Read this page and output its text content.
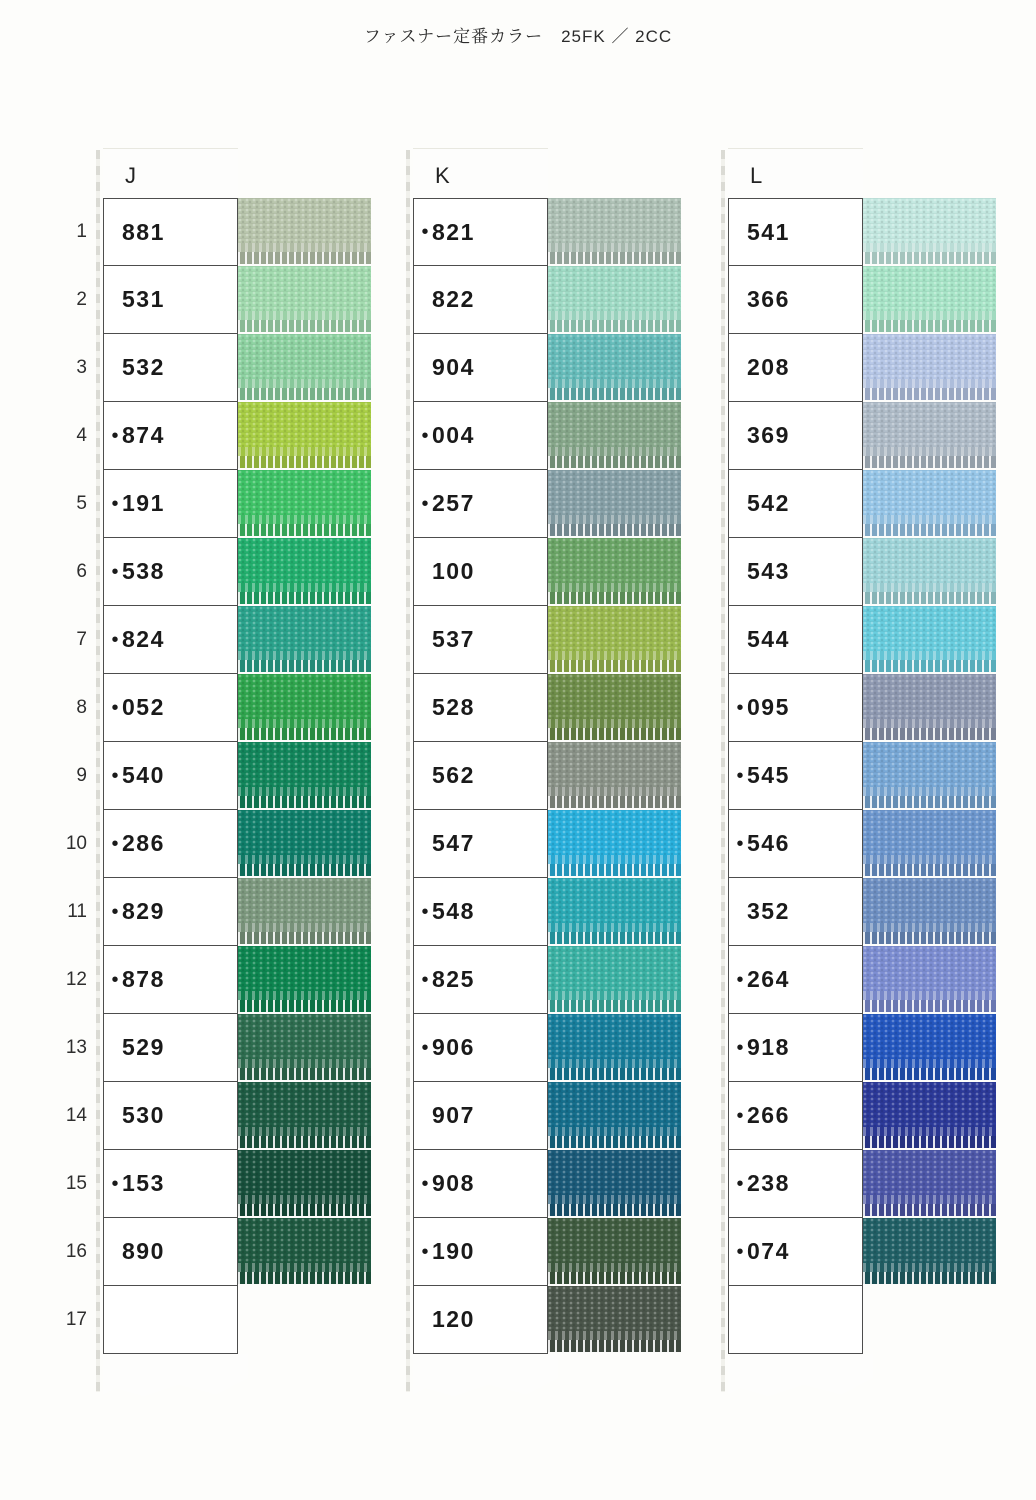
ファスナー定番カラー　25FK ／ 2CC
1
2
3
4
5
6
7
8
9
10
11
12
13
14
15
16
17
J
881
531
532
• 874
• 191
• 538
• 824
• 052
• 540
• 286
• 829
• 878
529
530
• 153
890
K
• 821
822
904
• 004
• 257
100
537
528
562
547
• 548
• 825
• 906
907
• 908
• 190
120
L
541
366
208
369
542
543
544
• 095
• 545
• 546
352
• 264
• 918
• 266
• 238
• 074
